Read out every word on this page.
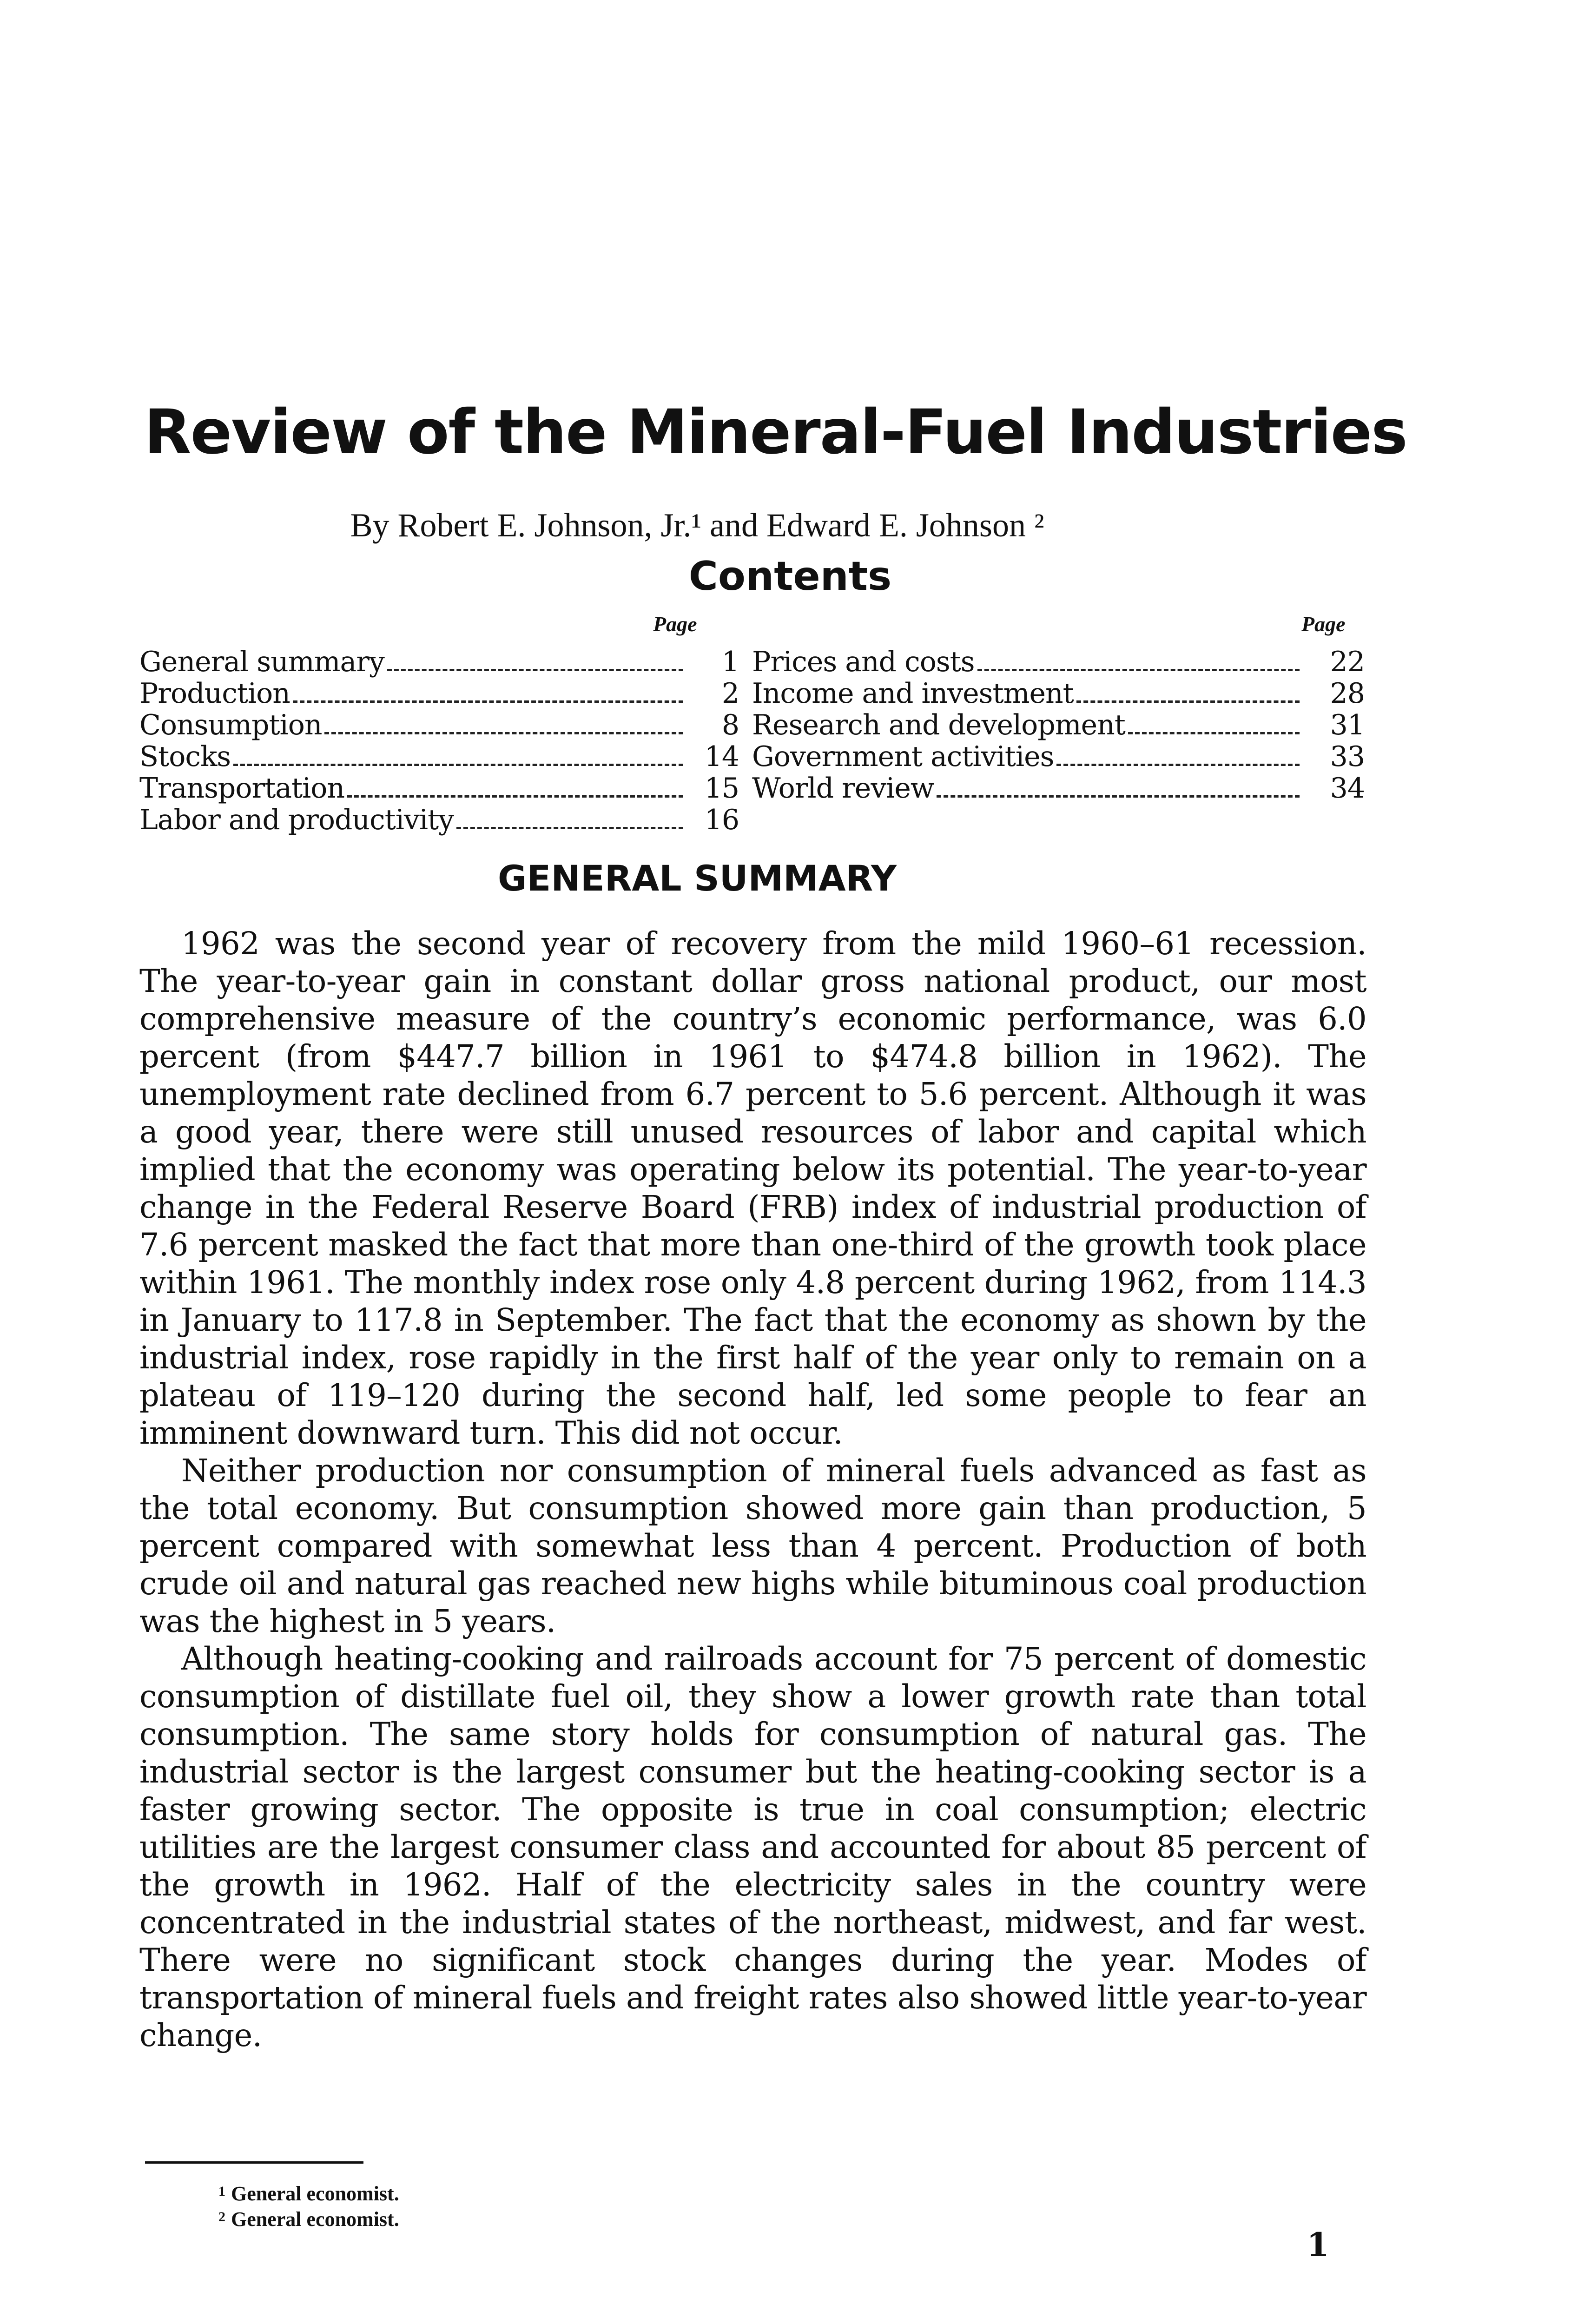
Review of the Mineral-Fuel Industries
By Robert E. Johnson, Jr.¹ and Edward E. Johnson ²
Contents
Page	Page
General summary	1
Production	2
Consumption	8
Stocks	14
Transportation	15
Labor and productivity	16
Prices and costs	22
Income and investment	28
Research and development	31
Government activities	33
World review	34
GENERAL SUMMARY

1962 was the second year of recovery from the mild 1960–61 recession. The year-to-year gain in constant dollar gross national product, our most comprehensive measure of the country’s economic performance, was 6.0 percent (from $447.7 billion in 1961 to $474.8 billion in 1962). The unemployment rate declined from 6.7 percent to 5.6 percent. Although it was a good year, there were still unused resources of labor and capital which implied that the economy was operating below its potential. The year-to-year change in the Federal Reserve Board (FRB) index of industrial production of 7.6 percent masked the fact that more than one-third of the growth took place within 1961. The monthly index rose only 4.8 percent during 1962, from 114.3 in January to 117.8 in September. The fact that the economy as shown by the industrial index, rose rapidly in the first half of the year only to remain on a plateau of 119–120 during the second half, led some people to fear an imminent downward turn. This did not occur.

Neither production nor consumption of mineral fuels advanced as fast as the total economy. But consumption showed more gain than production, 5 percent compared with somewhat less than 4 percent. Production of both crude oil and natural gas reached new highs while bituminous coal production was the highest in 5 years.

Although heating-cooking and railroads account for 75 percent of domestic consumption of distillate fuel oil, they show a lower growth rate than total consumption. The same story holds for consumption of natural gas. The industrial sector is the largest consumer but the heating-cooking sector is a faster growing sector. The opposite is true in coal consumption; electric utilities are the largest consumer class and accounted for about 85 percent of the growth in 1962. Half of the electricity sales in the country were concentrated in the industrial states of the northeast, midwest, and far west. There were no significant stock changes during the year. Modes of transportation of mineral fuels and freight rates also showed little year-to-year change.

$^1$ General economist.
$^2$ General economist.
1
